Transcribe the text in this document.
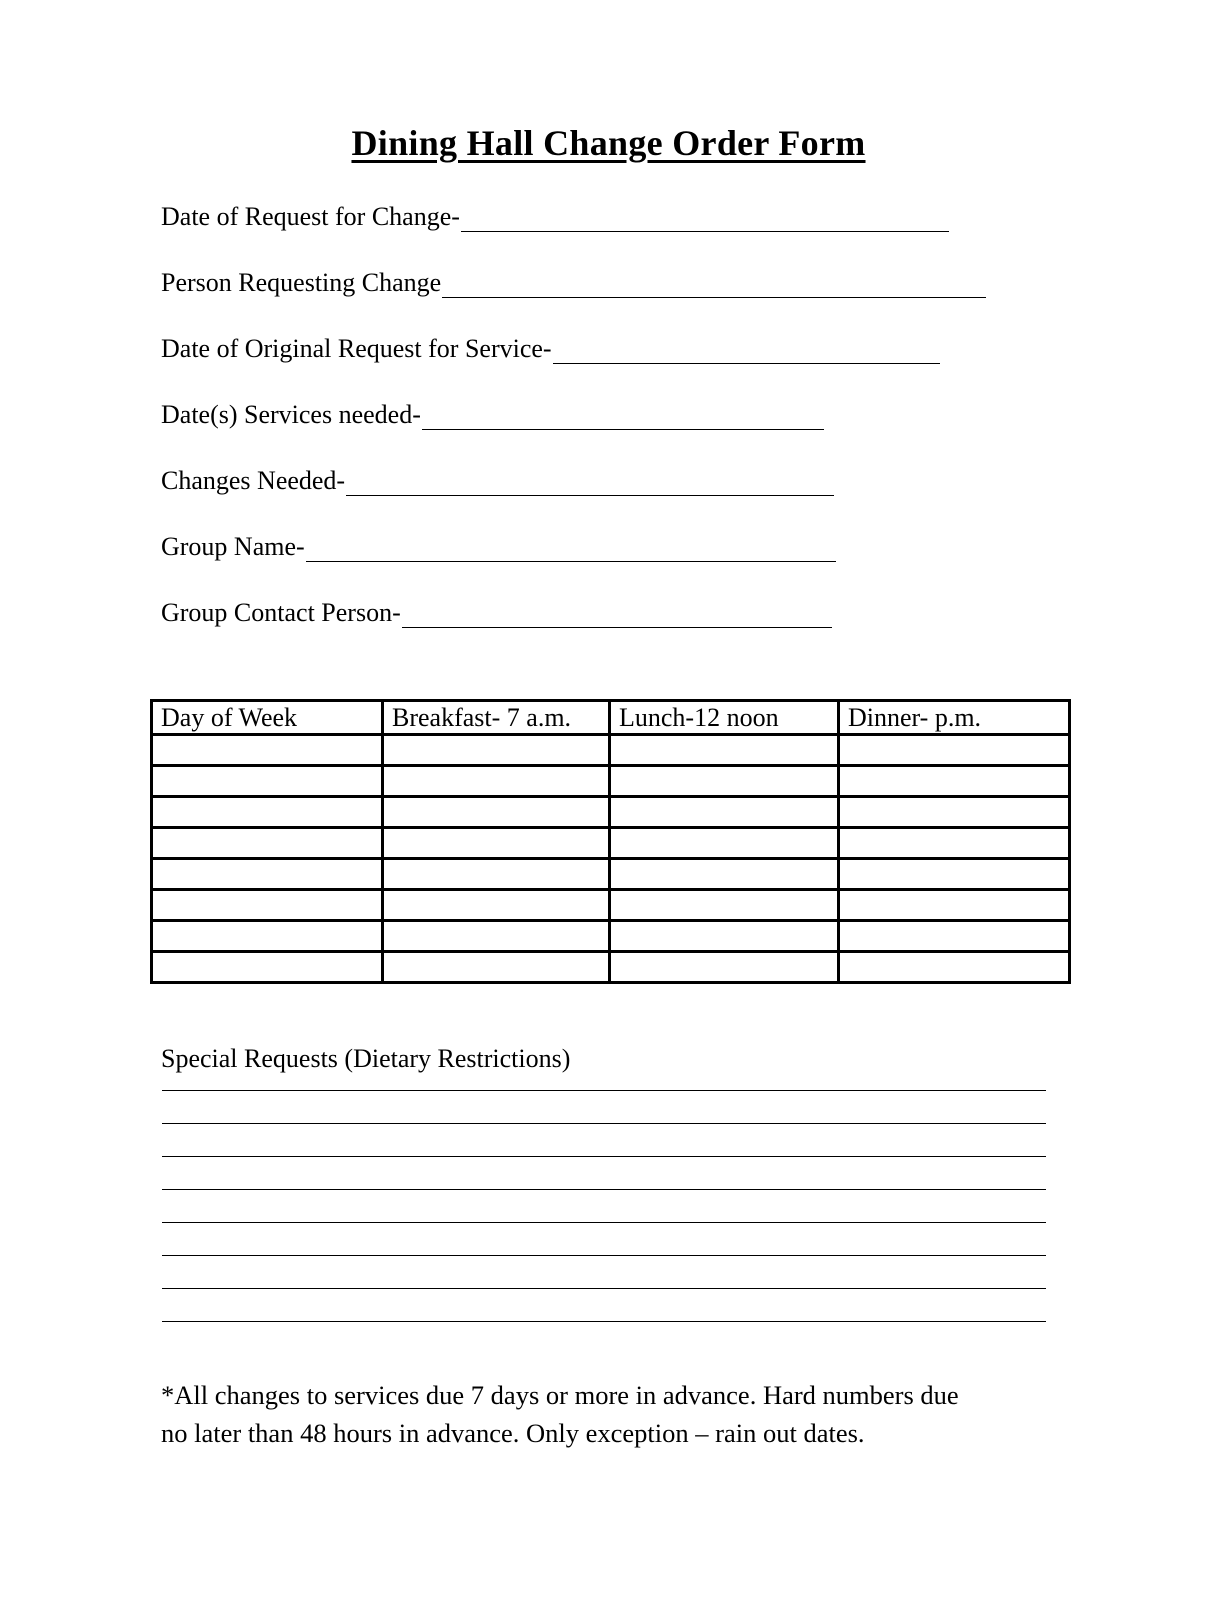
Dining Hall Change Order Form
Date of Request for Change-
Person Requesting Change
Date of Original Request for Service-
Date(s) Services needed-
Changes Needed-
Group Name-
Group Contact Person-
Day of Week	Breakfast- 7 a.m.	Lunch-12 noon	Dinner- p.m.

Special Requests (Dietary Restrictions)
*All changes to services due 7 days or more in advance. Hard numbers due
no later than 48 hours in advance. Only exception – rain out dates.
